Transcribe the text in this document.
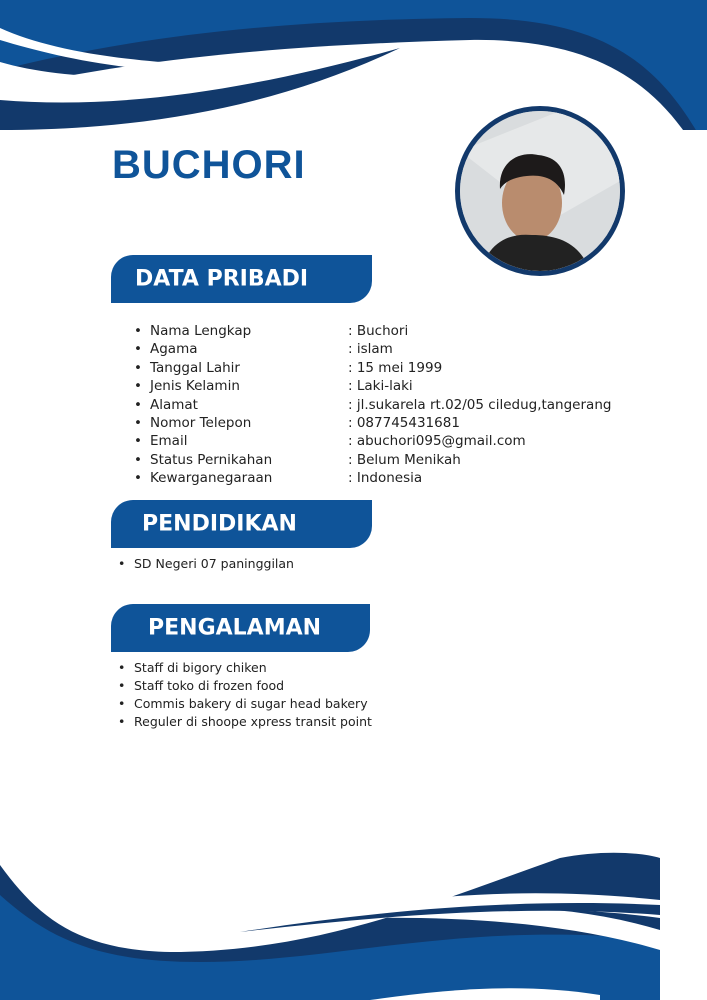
BUCHORI
DATA PRIBADI
• Nama Lengkap	: Buchori
• Agama	: islam
• Tanggal Lahir	: 15 mei 1999
• Jenis Kelamin	: Laki-laki
• Alamat	: jl.sukarela rt.02/05 ciledug,tangerang
• Nomor Telepon	: 087745431681
• Email	: abuchori095@gmail.com
• Status Pernikahan	: Belum Menikah
• Kewarganegaraan	: Indonesia
PENDIDIKAN
• SD Negeri 07 paninggilan
PENGALAMAN
• Staff di bigory chiken
• Staff toko di frozen food
• Commis bakery di sugar head bakery
• Reguler di shoope xpress transit point
